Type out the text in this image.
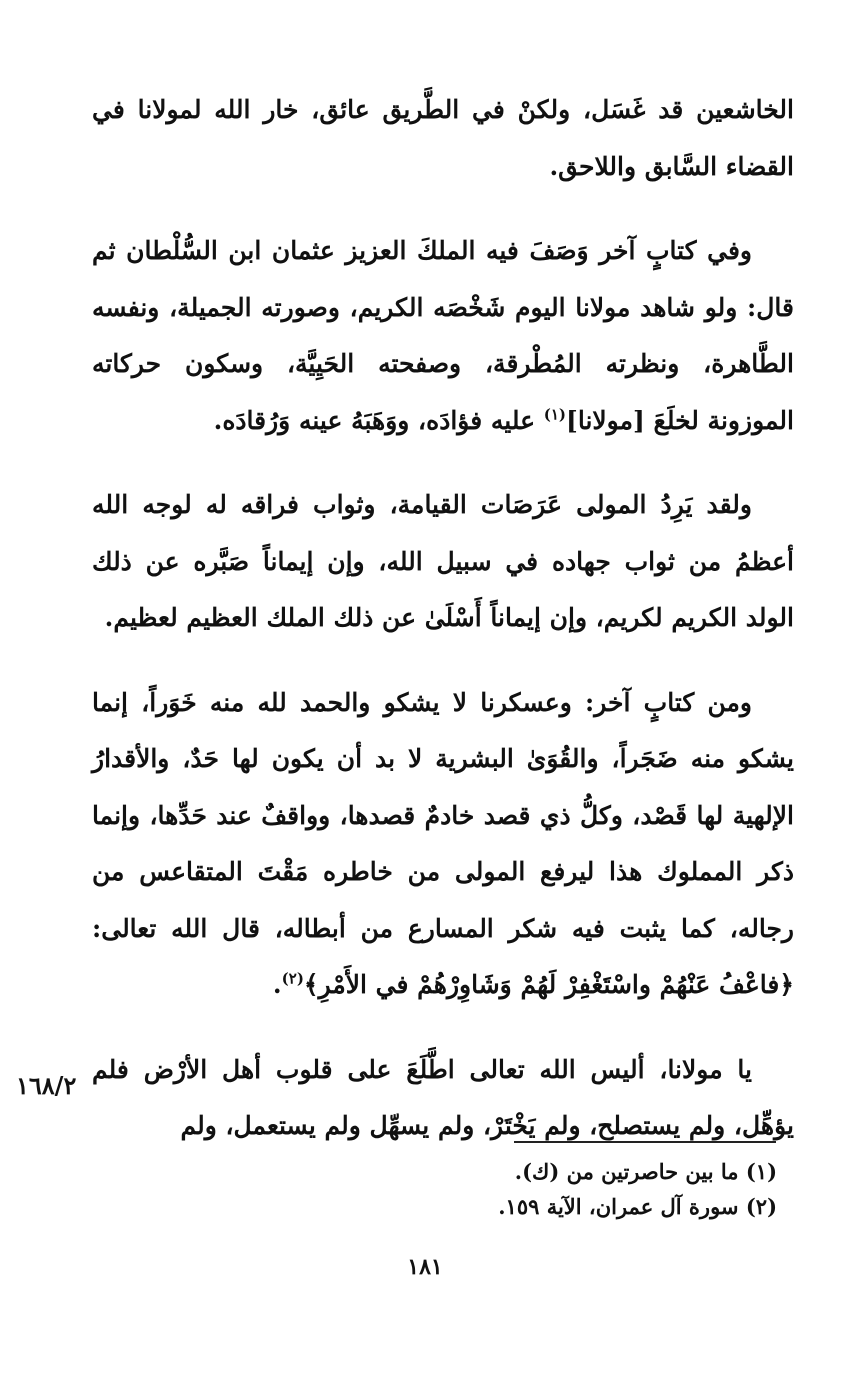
الخاشعين قد غَسَل، ولكنْ في الطَّريق عائق، خار الله لمولانا في القضاء السَّابق واللاحق.

وفي كتابٍ آخر وَصَفَ فيه الملكَ العزيز عثمان ابن السُّلْطان ثم قال: ولو شاهد مولانا اليوم شَخْصَه الكريم، وصورته الجميلة، ونفسه الطَّاهرة، ونظرته المُطْرقة، وصفحته الحَيِيَّة، وسكون حركاته الموزونة لخلَعَ [مولانا]$^{(١)}$ عليه فؤادَه، ووَهَبَهُ عينه وَرُقادَه.

ولقد يَرِدُ المولى عَرَصَات القيامة، وثواب فراقه له لوجه الله أعظمُ من ثواب جهاده في سبيل الله، وإن إيماناً صَبَّره عن ذلك الولد الكريم لكريم، وإن إيماناً أَسْلَىٰ عن ذلك الملك العظيم لعظيم.

ومن كتابٍ آخر: وعسكرنا لا يشكو والحمد لله منه خَوَراً، إنما يشكو منه ضَجَراً، والقُوَىٰ البشرية لا بد أن يكون لها حَدٌ، والأقدارُ الإلهية لها قَصْد، وكلُّ ذي قصد خادمٌ قصدها، وواقفٌ عند حَدِّها، وإنما ذكر المملوك هذا ليرفع المولى من خاطره مَقْتَ المتقاعس من رجاله، كما يثبت فيه شكر المسارع من أبطاله، قال الله تعالى: ﴿فاعْفُ عَنْهُمْ واسْتَغْفِرْ لَهُمْ وَشَاوِرْهُمْ في الأَمْرِ﴾$^{(٢)}$.

يا مولانا، أليس الله تعالى اطَّلَعَ على قلوب أهل الأرْض فلم يؤهِّل، ولم يستصلح، ولم يَخْتَرْ، ولم يسهِّل ولم يستعمل، ولم

١٦٨/٢

(١) ما بين حاصرتين من (ك).

(٢) سورة آل عمران، الآية ١٥٩.

١٨١
